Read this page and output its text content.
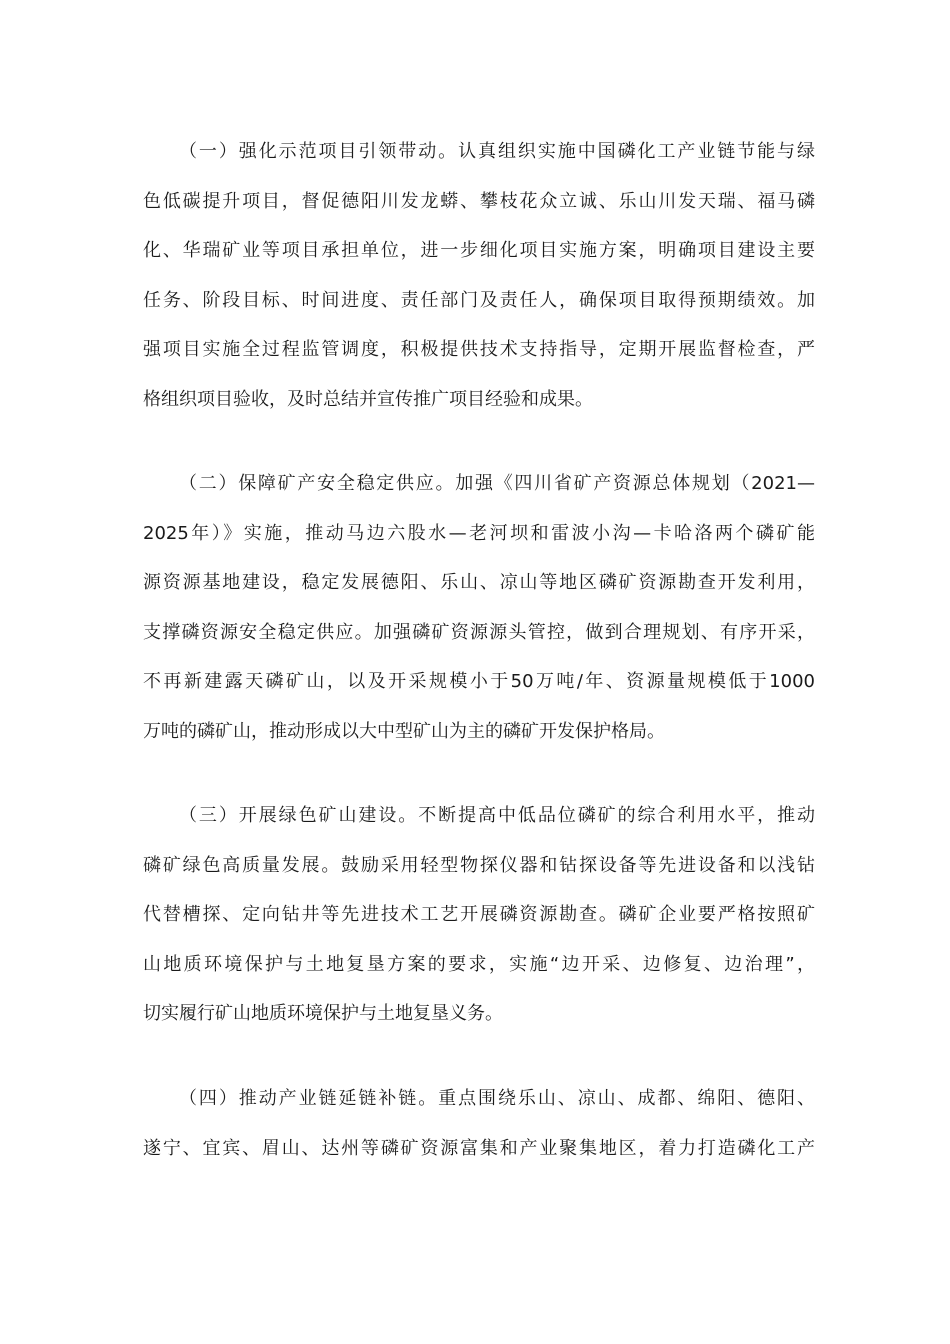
（一）强化示范项目引领带动。认真组织实施中国磷化工产业链节能与绿
色低碳提升项目，督促德阳川发龙蟒、攀枝花众立诚、乐山川发天瑞、福马磷
化、华瑞矿业等项目承担单位，进一步细化项目实施方案，明确项目建设主要
任务、阶段目标、时间进度、责任部门及责任人，确保项目取得预期绩效。加
强项目实施全过程监管调度，积极提供技术支持指导，定期开展监督检查，严
格组织项目验收，及时总结并宣传推广项目经验和成果。
（二）保障矿产安全稳定供应。加强《四川省矿产资源总体规划（2021—
2025年）》实施，推动马边六股水—老河坝和雷波小沟—卡哈洛两个磷矿能
源资源基地建设，稳定发展德阳、乐山、凉山等地区磷矿资源勘查开发利用，
支撑磷资源安全稳定供应。加强磷矿资源源头管控，做到合理规划、有序开采，
不再新建露天磷矿山，以及开采规模小于50万吨/年、资源量规模低于1000
万吨的磷矿山，推动形成以大中型矿山为主的磷矿开发保护格局。
（三）开展绿色矿山建设。不断提高中低品位磷矿的综合利用水平，推动
磷矿绿色高质量发展。鼓励采用轻型物探仪器和钻探设备等先进设备和以浅钻
代替槽探、定向钻井等先进技术工艺开展磷资源勘查。磷矿企业要严格按照矿
山地质环境保护与土地复垦方案的要求，实施“边开采、边修复、边治理”，
切实履行矿山地质环境保护与土地复垦义务。
（四）推动产业链延链补链。重点围绕乐山、凉山、成都、绵阳、德阳、
遂宁、宜宾、眉山、达州等磷矿资源富集和产业聚集地区，着力打造磷化工产
